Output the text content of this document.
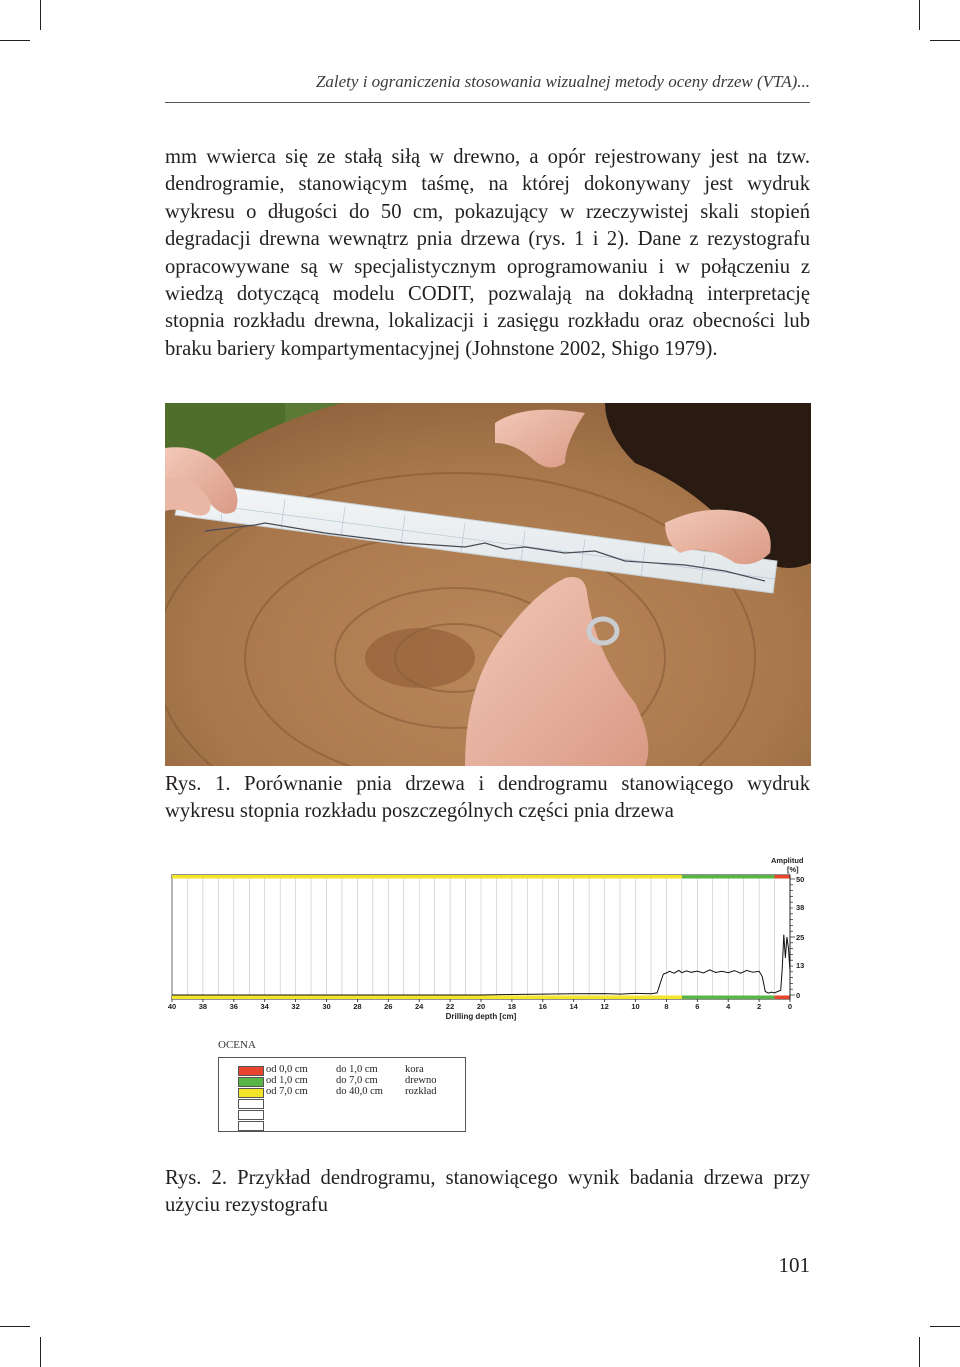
Zalety i ograniczenia stosowania wizualnej metody oceny drzew (VTA)...

mm wwierca się ze stałą siłą w drewno, a opór rejestrowany jest na tzw. dendrogramie, stanowiącym taśmę, na której dokonywany jest wydruk wykresu o długości do 50 cm, pokazujący w rzeczywistej skali stopień degradacji drewna wewnątrz pnia drzewa (rys. 1 i 2). Dane z rezystografu opracowywane są w specjalistycznym oprogramowaniu i w połączeniu z wiedzą dotyczącą modelu CODIT, pozwalają na dokładną interpretację stopnia rozkładu drewna, lokalizacji i zasięgu rozkładu oraz obecności lub braku bariery kompartymentacyjnej (Johnstone 2002, Shigo 1979).

Rys. 1. Porównanie pnia drzewa i dendrogramu stanowiącego wydruk wykresu stopnia rozkładu poszczególnych części pnia drzewa

40	38	36	34	32	30	28	26	24	22	20	18	16	14	12	10	8	6	4	2	0
0
13
25
38
50
Amplitud
[%]
Drilling depth [cm]
OCENA
od 0,0 cm	do 1,0 cm	kora
od 1,0 cm	do 7,0 cm	drewno
od 7,0 cm	do 40,0 cm rozkład

Rys. 2. Przykład dendrogramu, stanowiącego wynik badania drzewa przy użyciu rezystografu

101
